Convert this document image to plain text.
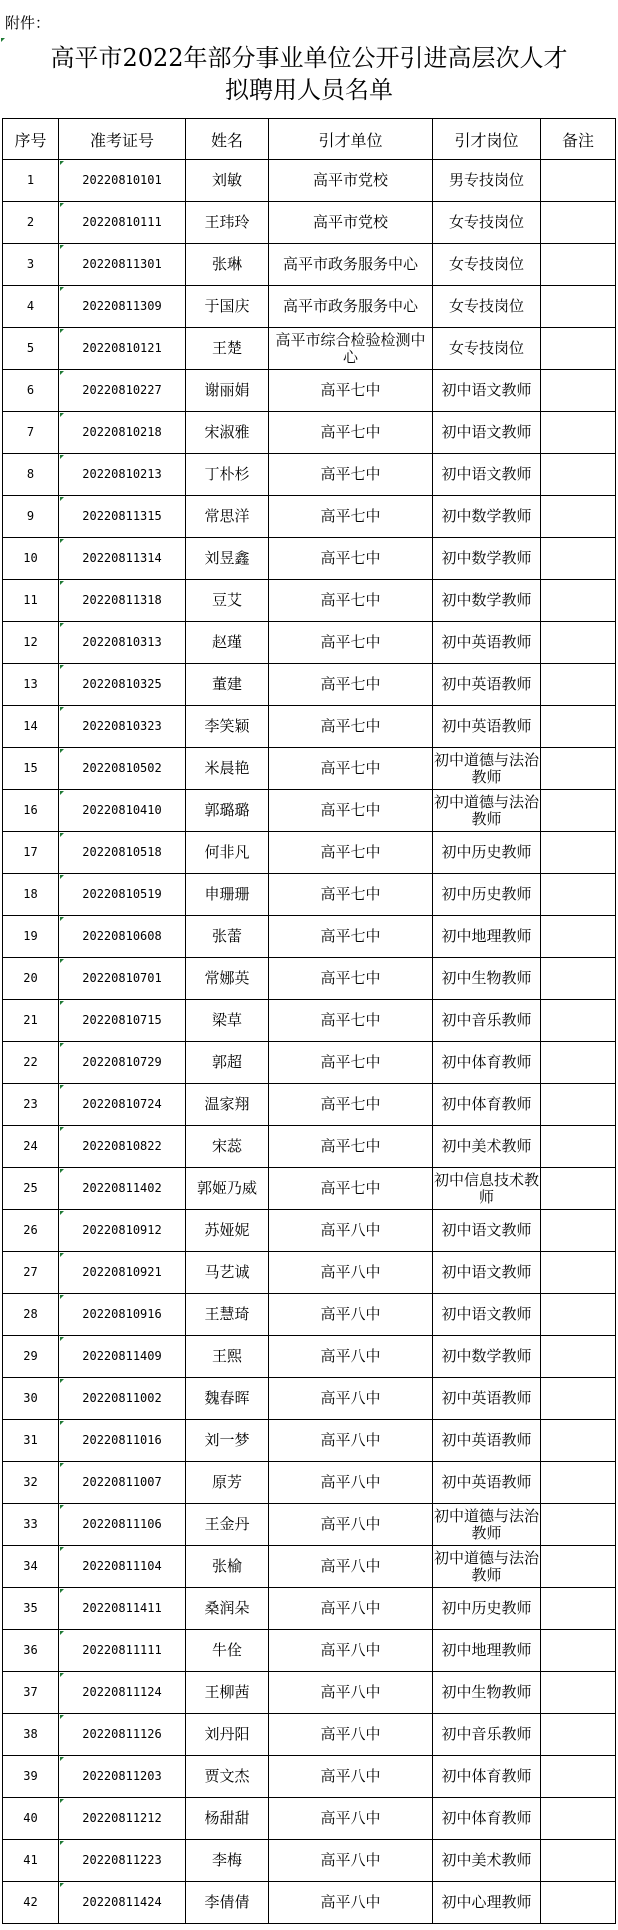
附件：
高平市2022年部分事业单位公开引进高层次人才
拟聘用人员名单
序号	准考证号	姓名	引才单位	引才岗位	备注
1	20220810101	刘敏	高平市党校	男专技岗位	
2	20220810111	王玮玲	高平市党校	女专技岗位	
3	20220811301	张琳	高平市政务服务中心	女专技岗位	
4	20220811309	于国庆	高平市政务服务中心	女专技岗位	
5	20220810121	王楚	高平市综合检验检测中心	女专技岗位	
6	20220810227	谢丽娟	高平七中	初中语文教师	
7	20220810218	宋淑雅	高平七中	初中语文教师	
8	20220810213	丁朴杉	高平七中	初中语文教师	
9	20220811315	常思洋	高平七中	初中数学教师	
10	20220811314	刘昱鑫	高平七中	初中数学教师	
11	20220811318	豆艾	高平七中	初中数学教师	
12	20220810313	赵瑾	高平七中	初中英语教师	
13	20220810325	董建	高平七中	初中英语教师	
14	20220810323	李笑颖	高平七中	初中英语教师	
15	20220810502	米晨艳	高平七中	初中道德与法治教师	
16	20220810410	郭璐璐	高平七中	初中道德与法治教师	
17	20220810518	何非凡	高平七中	初中历史教师	
18	20220810519	申珊珊	高平七中	初中历史教师	
19	20220810608	张蕾	高平七中	初中地理教师	
20	20220810701	常娜英	高平七中	初中生物教师	
21	20220810715	梁草	高平七中	初中音乐教师	
22	20220810729	郭超	高平七中	初中体育教师	
23	20220810724	温家翔	高平七中	初中体育教师	
24	20220810822	宋蕊	高平七中	初中美术教师	
25	20220811402	郭姬乃威	高平七中	初中信息技术教师	
26	20220810912	苏娅妮	高平八中	初中语文教师	
27	20220810921	马艺诚	高平八中	初中语文教师	
28	20220810916	王慧琦	高平八中	初中语文教师	
29	20220811409	王熙	高平八中	初中数学教师	
30	20220811002	魏春晖	高平八中	初中英语教师	
31	20220811016	刘一梦	高平八中	初中英语教师	
32	20220811007	原芳	高平八中	初中英语教师	
33	20220811106	王金丹	高平八中	初中道德与法治教师	
34	20220811104	张榆	高平八中	初中道德与法治教师	
35	20220811411	桑润朵	高平八中	初中历史教师	
36	20220811111	牛佺	高平八中	初中地理教师	
37	20220811124	王柳茜	高平八中	初中生物教师	
38	20220811126	刘丹阳	高平八中	初中音乐教师	
39	20220811203	贾文杰	高平八中	初中体育教师	
40	20220811212	杨甜甜	高平八中	初中体育教师	
41	20220811223	李梅	高平八中	初中美术教师	
42	20220811424	李倩倩	高平八中	初中心理教师	
